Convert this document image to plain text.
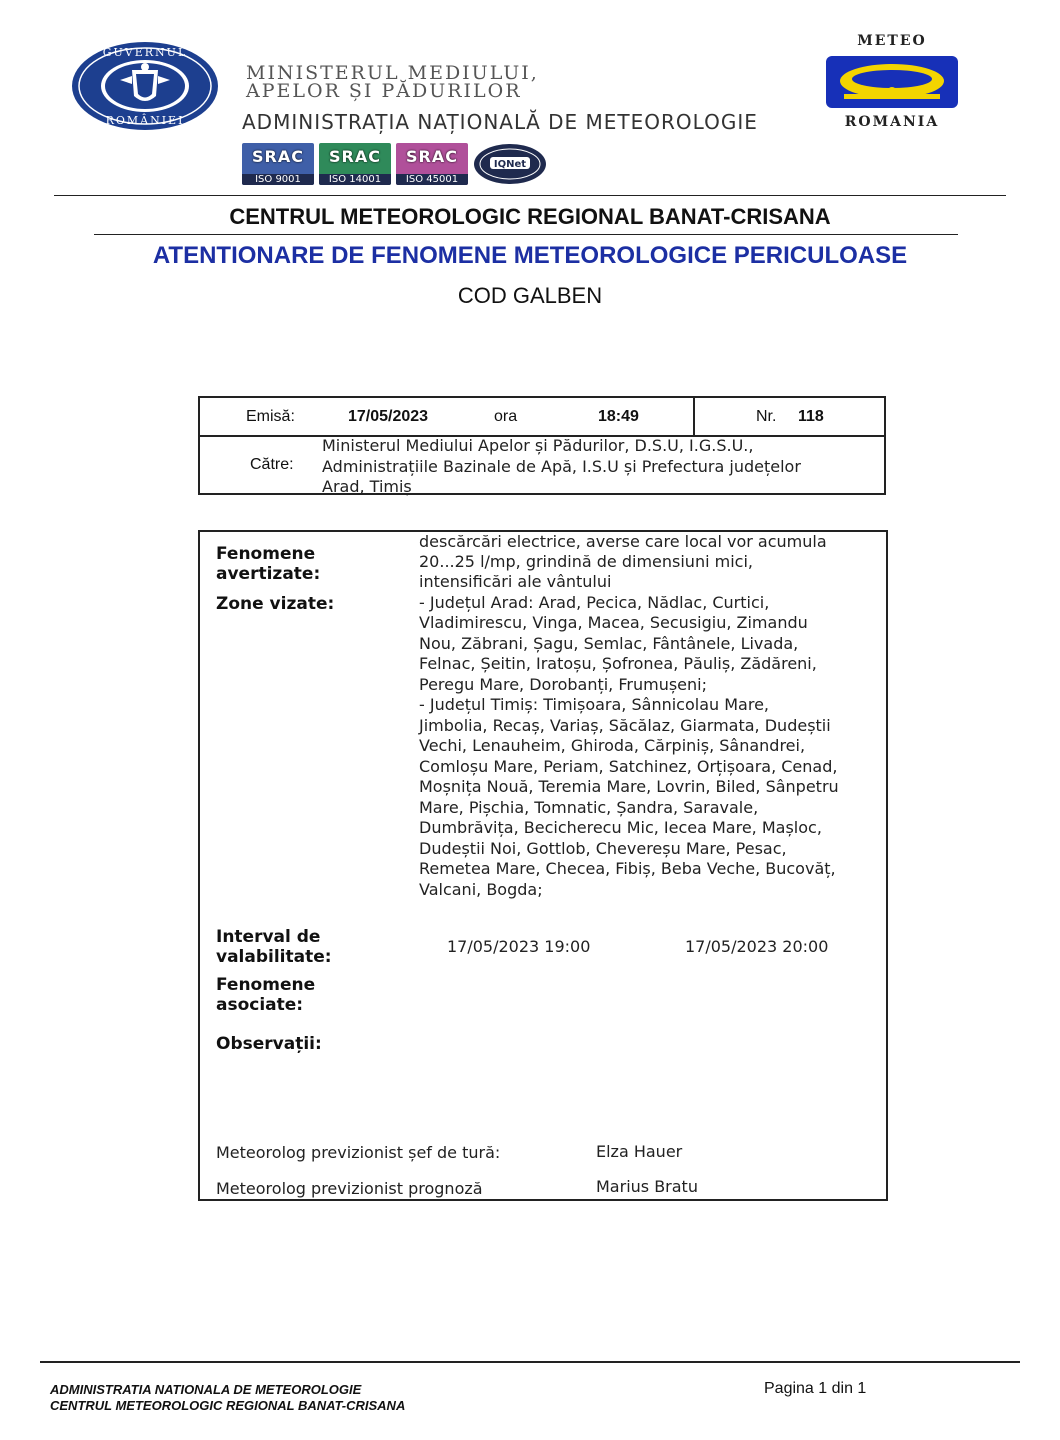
GUVERNUL
ROMÂNIEI
MINISTERUL MEDIULUI,
APELOR ȘI PĂDURILOR
ADMINISTRAȚIA NAȚIONALĂ DE METEOROLOGIE
METEO
ROMANIA
SRAC
ISO 9001
SRAC
ISO 14001
SRAC
ISO 45001
IQNet
CENTRUL METEOROLOGIC REGIONAL BANAT-CRISANA
ATENTIONARE DE FENOMENE METEOROLOGICE PERICULOASE
COD GALBEN
Emisă:	17/05/2023	ora	18:49	Nr. 118
Către:
Ministerul Mediului Apelor și Pădurilor, D.S.U, I.G.S.U.,
Administrațiile Bazinale de Apă, I.S.U și Prefectura județelor
Arad, Timiș
Fenomene
avertizate:
descărcări electrice, averse care local vor acumula
20...25 l/mp, grindină de dimensiuni mici,
intensificări ale vântului
Zone vizate:	- Județul Arad: Arad, Pecica, Nădlac, Curtici,
Vladimirescu, Vinga, Macea, Secusigiu, Zimandu
Nou, Zăbrani, Șagu, Semlac, Fântânele, Livada,
Felnac, Șeitin, Iratoșu, Șofronea, Păuliș, Zădăreni,
Peregu Mare, Dorobanți, Frumușeni;
- Județul Timiș: Timișoara, Sânnicolau Mare,
Jimbolia, Recaș, Variaș, Săcălaz, Giarmata, Dudeștii
Vechi, Lenauheim, Ghiroda, Cărpiniș, Sânandrei,
Comloșu Mare, Periam, Satchinez, Orțișoara, Cenad,
Moșnița Nouă, Teremia Mare, Lovrin, Biled, Sânpetru
Mare, Pișchia, Tomnatic, Șandra, Saravale,
Dumbrăvița, Becicherecu Mic, Iecea Mare, Mașloc,
Dudeștii Noi, Gottlob, Chevereșu Mare, Pesac,
Remetea Mare, Checea, Fibiș, Beba Veche, Bucovăț,
Valcani, Bogda;
Interval de
valabilitate:
17/05/2023 19:00	17/05/2023 20:00
Fenomene
asociate:
Observații:
Meteorolog previzionist șef de tură:	Elza Hauer
Meteorolog previzionist prognoză	Marius Bratu
ADMINISTRATIA NATIONALA DE METEOROLOGIE
CENTRUL METEOROLOGIC REGIONAL BANAT-CRISANA
Pagina 1 din 1
